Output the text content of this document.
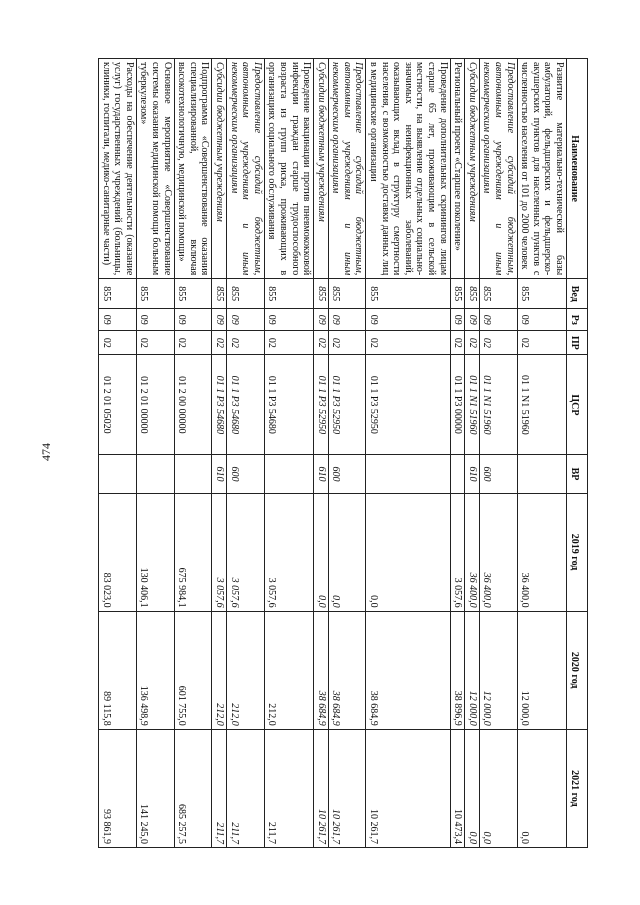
474
Наименование	Вед	Рз	ПР	ЦСР	ВР	2019 год	2020 год	2021 год
Развитие материально-технической базы амбулаторий, фельдшерских и фельдшерско-акушерских пунктов для населенных пунктов с численностью населения от 101 до 2000 человек	855	09	02	01 1 N1 51960		36 400,0	12 000,0	0,0
Предоставление субсидий бюджетным, автономным учреждениям и иным некоммерческим организациям	855	09	02	01 1 N1 51960	600	36 400,0	12 000,0	0,0
Субсидии бюджетным учреждениям	855	09	02	01 1 N1 51960	610	36 400,0	12 000,0	0,0
Региональный проект «Старшее поколение»	855	09	02	01 1 P3 00000		3 057,6	38 896,9	10 473,4
Проведение дополнительных скринингов лицам старше 65 лет, проживающим в сельской местности, на выявление отдельных социально-значимых неинфекционных заболеваний, оказывающих вклад в структуру смертности населения, с возможностью доставки данных лиц в медицинские организации	855	09	02	01 1 P3 52950		0,0	38 684,9	10 261,7
Предоставление субсидий бюджетным, автономным учреждениям и иным некоммерческим организациям	855	09	02	01 1 P3 52950	600	0,0	38 684,9	10 261,7
Субсидии бюджетным учреждениям	855	09	02	01 1 P3 52950	610	0,0	38 684,9	10 261,7
Проведение вакцинации против пневмококковой инфекции граждан старше трудоспособного возраста из групп риска, проживающих в организациях социального обслуживания	855	09	02	01 1 P3 54680		3 057,6	212,0	211,7
Предоставление субсидий бюджетным, автономным учреждениям и иным некоммерческим организациям	855	09	02	01 1 P3 54680	600	3 057,6	212,0	211,7
Субсидии бюджетным учреждениям	855	09	02	01 1 P3 54680	610	3 057,6	212,0	211,7
Подпрограмма «Совершенствование оказания специализированной, включая высокотехнологичную, медицинской помощи»	855	09	02	01 2 00 00000		675 984,1	601 755,0	685 257,5
Основное мероприятие «Совершенствование системы оказания медицинской помощи больным туберкулезом»	855	09	02	01 2 01 00000		130 406,1	136 498,9	141 245,0
Расходы на обеспечение деятельности (оказание услуг) государственных учреждений (больницы, клиники, госпитали, медико-санитарные части)	855	09	02	01 2 01 05020		83 023,0	89 115,8	93 861,9
